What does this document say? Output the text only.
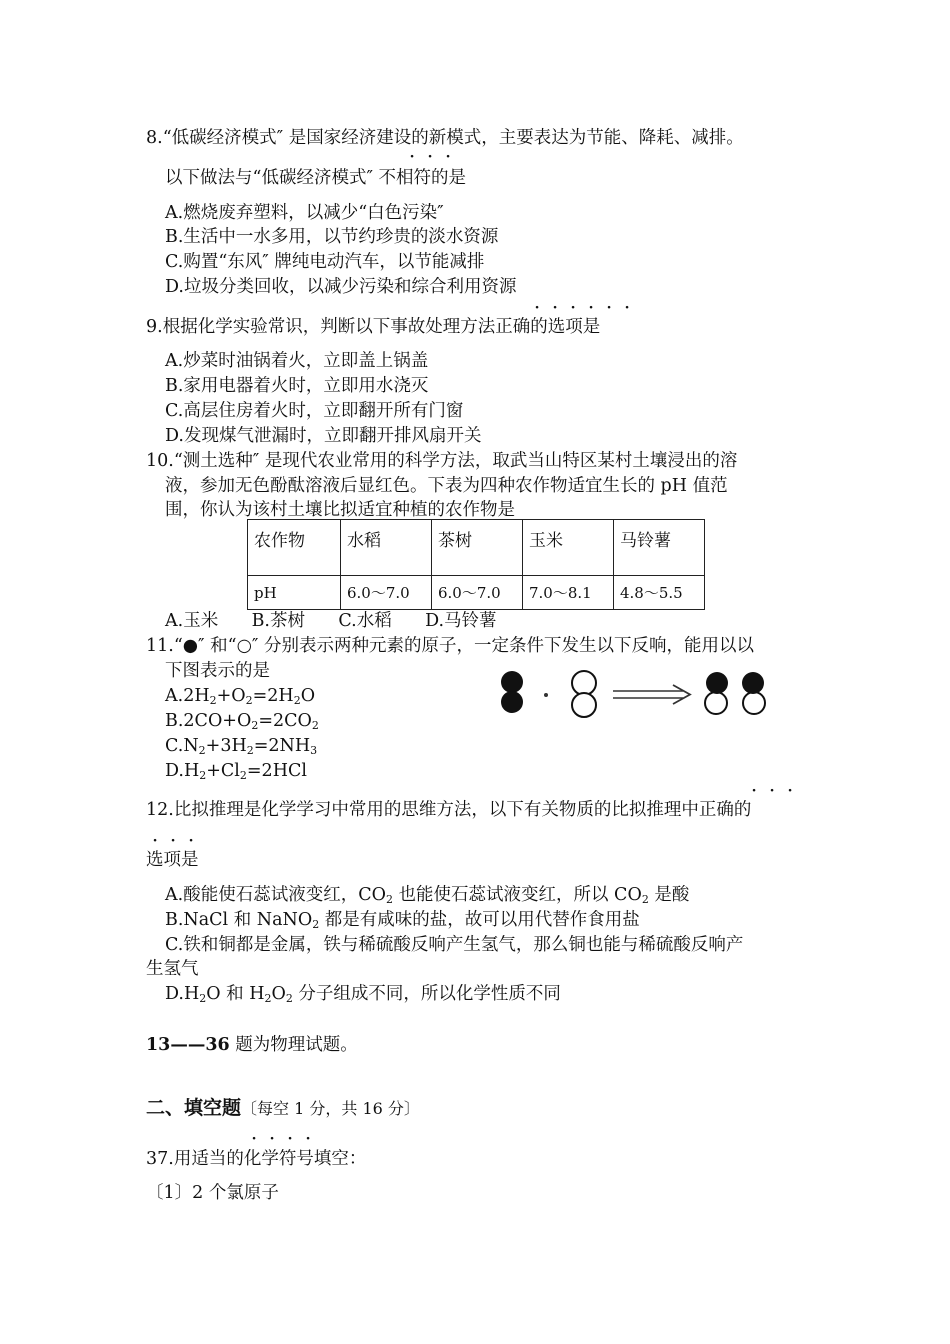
8.“低碳经济模式″ 是国家经济建设的新模式，主要表达为节能、降耗、减排。
· · ·
以下做法与“低碳经济模式″ 不相符的是
A.燃烧废弃塑料，以减少“白色污染″
B.生活中一水多用，以节约珍贵的淡水资源
C.购置“东风″ 牌纯电动汽车，以节能减排
D.垃圾分类回收，以减少污染和综合利用资源
· · · · · ·
9.根据化学实验常识，判断以下事故处理方法正确的选项是
A.炒菜时油锅着火，立即盖上锅盖
B.家用电器着火时，立即用水浇灭
C.高层住房着火时，立即翻开所有门窗
D.发现煤气泄漏时，立即翻开排风扇开关
10.“测土选种″ 是现代农业常用的科学方法，取武当山特区某村土壤浸出的溶
液，参加无色酚酞溶液后显红色。下表为四种农作物适宜生长的 pH 值范
围，你认为该村土壤比拟适宜种植的农作物是
农作物	水稻	茶树	玉米	马铃薯
pH	6.0～7.0	6.0～7.0	7.0～8.1	4.8～5.5
A.玉米      B.茶树      C.水稻      D.马铃薯
11.“●″ 和“○″ 分别表示两种元素的原子，一定条件下发生以下反响，能用以以
下图表示的是
$A.2H_2+O_2=2H_2O$
$B.2CO+O_2=2CO_2$
$C.N_2+3H_2=2NH_3$
$D.H_2+Cl_2=2HCl$
· · ·
12.比拟推理是化学学习中常用的思维方法，以下有关物质的比拟推理中正确的
· · ·
选项是
A.酸能使石蕊试液变红，$CO_2$ 也能使石蕊试液变红，所以 $CO_2$ 是酸
B.NaCl 和 NaNO$_2$ 都是有咸味的盐，故可以用代替作食用盐
C.铁和铜都是金属，铁与稀硫酸反响产生氢气，那么铜也能与稀硫酸反响产
生氢气
$D.H_2O$ 和 $H_2O_2$ 分子组成不同，所以化学性质不同
13——36 题为物理试题。
二、填空题〔每空 1 分，共 16 分〕
· · · ·
37.用适当的化学符号填空：
〔1〕2 个氯原子
